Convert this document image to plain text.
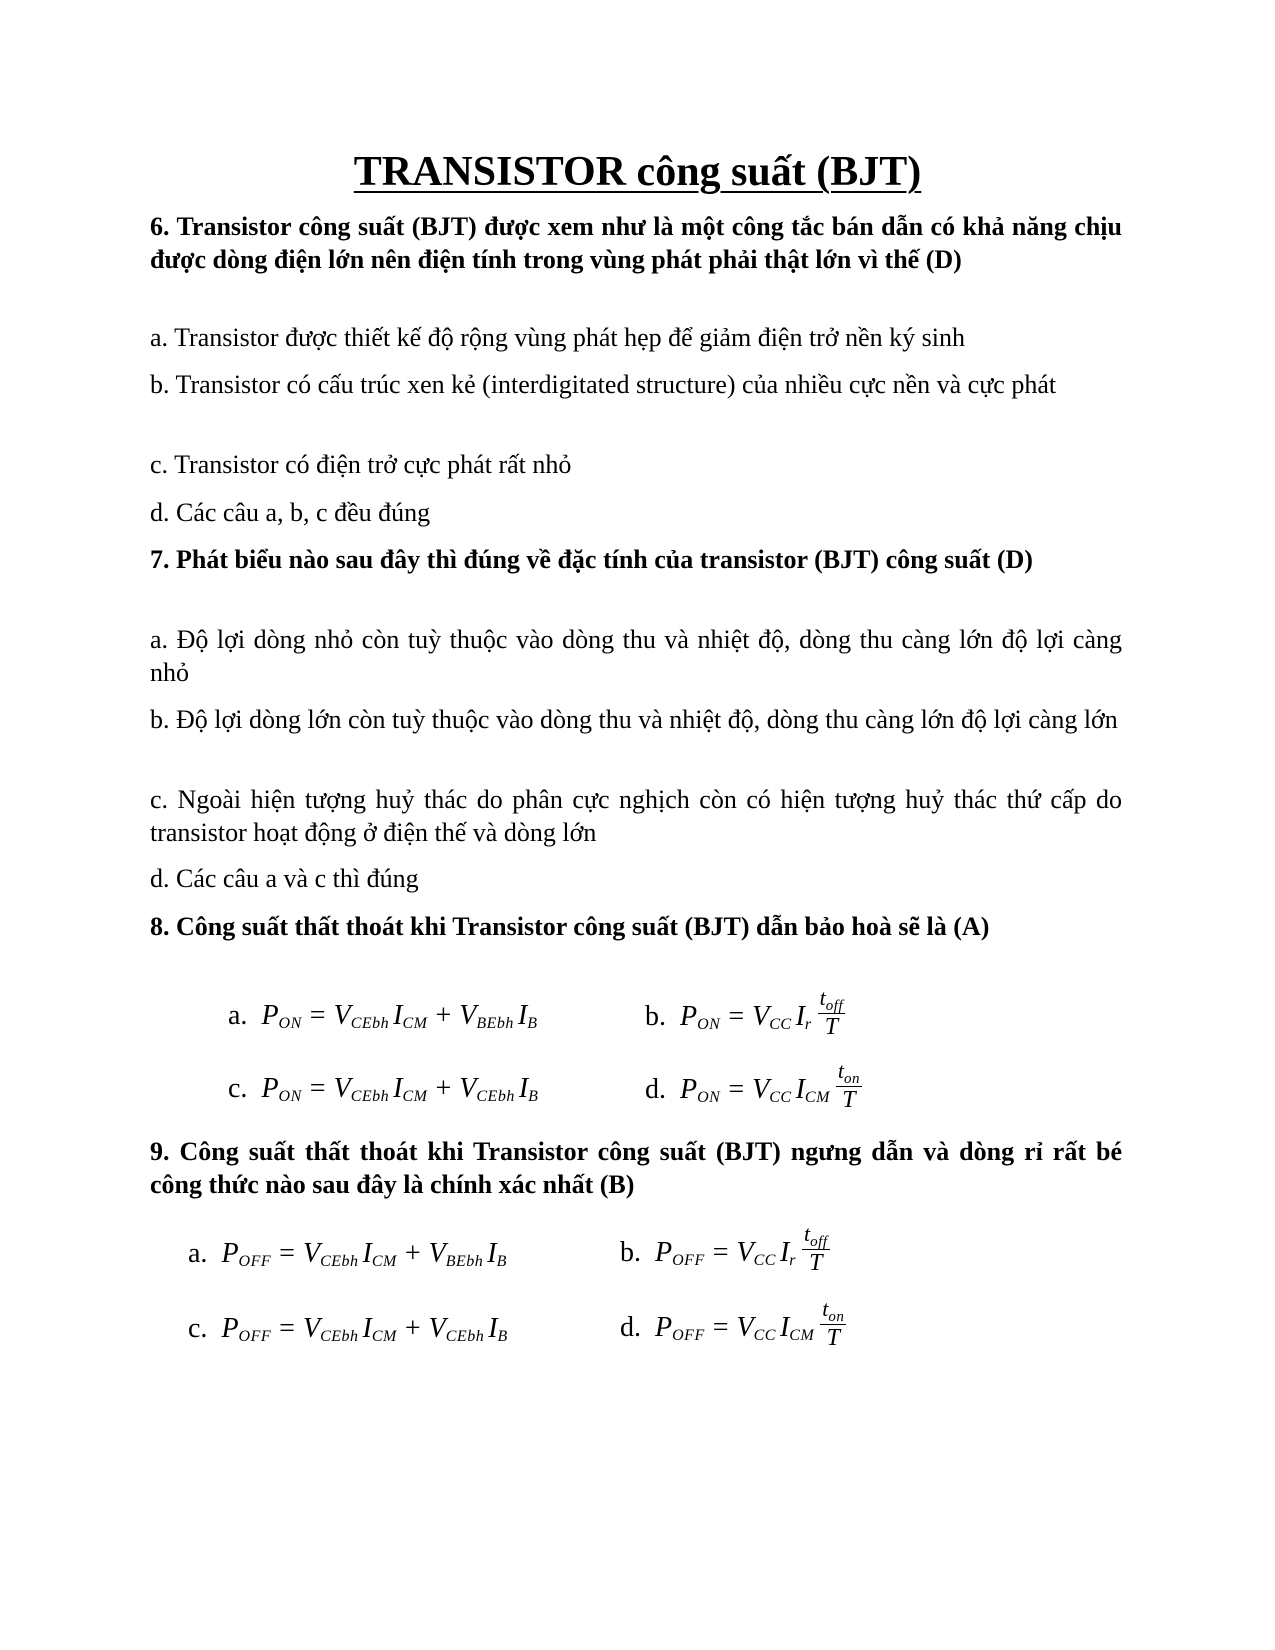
TRANSISTOR công suất (BJT)
6. Transistor công suất (BJT) được xem như là một công tắc bán dẫn có khả năng chịu được dòng điện lớn nên điện tính trong vùng phát phải thật lớn vì thế (D)
a. Transistor được thiết kế độ rộng vùng phát hẹp để giảm điện trở nền ký sinh
b. Transistor có cấu trúc xen kẻ (interdigitated structure) của nhiều cực nền và cực phát
c. Transistor có điện trở cực phát rất nhỏ
d. Các câu a, b, c đều đúng
7. Phát biểu nào sau đây thì đúng về đặc tính của transistor (BJT) công suất (D)
a. Độ lợi dòng nhỏ còn tuỳ thuộc vào dòng thu và nhiệt độ, dòng thu càng lớn độ lợi càng nhỏ
b. Độ lợi dòng lớn còn tuỳ thuộc vào dòng thu và nhiệt độ, dòng thu càng lớn độ lợi càng lớn
c. Ngoài hiện tượng huỷ thác do phân cực nghịch còn có hiện tượng huỷ thác thứ cấp do transistor hoạt động ở điện thế và dòng lớn
d. Các câu a và c thì đúng
8. Công suất thất thoát khi Transistor công suất (BJT) dẫn bảo hoà sẽ là (A)
a. P ON = V CEbh I CM + V BEbh I B	b. P ON = V CC I r $\frac{t_{off}}{T}$
c. P ON = V CEbh I CM + V CEbh I B	d. P ON = V CC I CM $\frac{t_{on}}{T}$
9. Công suất thất thoát khi Transistor công suất (BJT) ngưng dẫn và dòng rỉ rất bé công thức nào sau đây là chính xác nhất (B)
a. P OFF = V CEbh I CM + V BEbh I B	b. P OFF = V CC I r $\frac{t_{off}}{T}$
c. P OFF = V CEbh I CM + V CEbh I B	d. P OFF = V CC I CM $\frac{t_{on}}{T}$
